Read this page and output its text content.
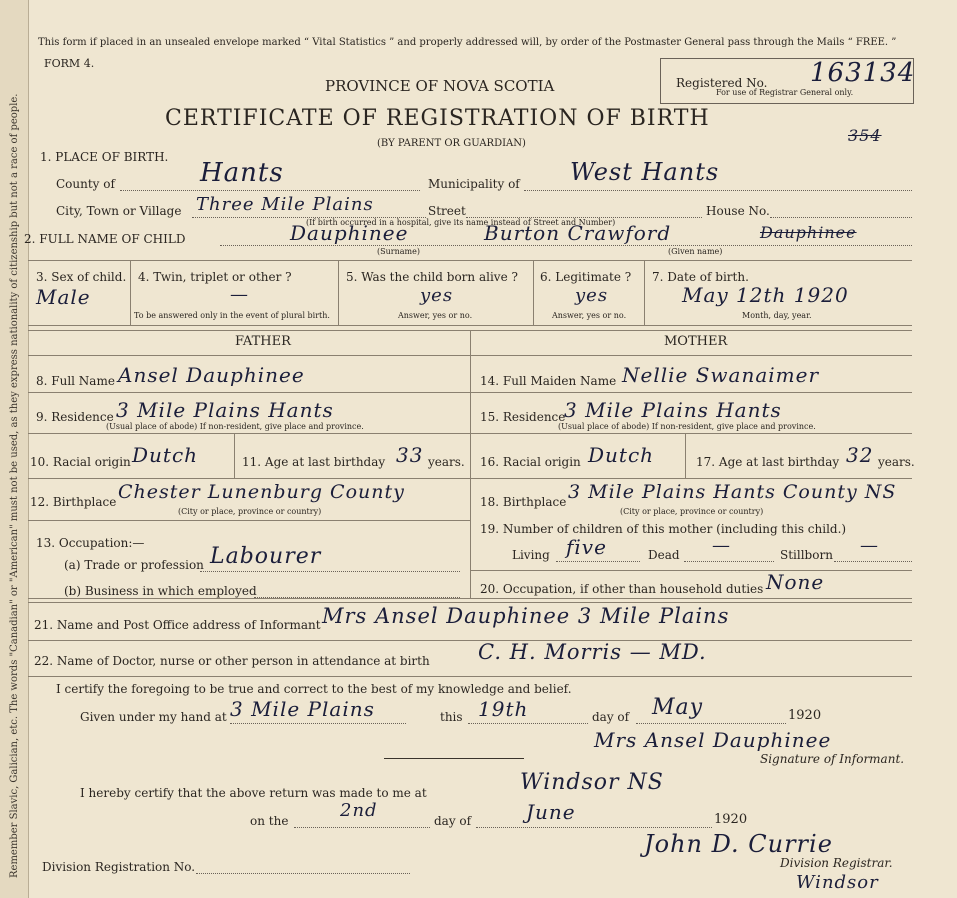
Remember Slavic, Galician, etc. The words "Canadian" or "American" must not be used, as they express nationality of citizenship but not a race of people.
This form if placed in an unsealed envelope marked “ Vital Statistics ” and properly addressed will, by order of the Postmaster General pass through the Mails “ FREE. ”
FORM 4.
PROVINCE OF NOVA SCOTIA
CERTIFICATE OF REGISTRATION OF BIRTH
(BY PARENT OR GUARDIAN)
Registered No. 163134
For use of Registrar General only.
354
1. PLACE OF BIRTH.
County of	Hants	Municipality of West Hants
City, Town or Village Three Mile Plains	Street	House No.
(If birth occurred in a hospital, give its name instead of Street and Number)
2. FULL NAME OF CHILD	Dauphinee	Burton Crawford	Dauphinee
(Surname)	(Given name)
3. Sex of child.
Male
4. Twin, triplet or other ?
—
To be answered only in the event of plural birth.
5. Was the child born alive ?
yes
Answer, yes or no.
6. Legitimate ?
yes
Answer, yes or no.
7. Date of birth.
May 12th 1920
Month, day, year.
FATHER
8. Full Name Ansel Dauphinee
9. Residence 3 Mile Plains Hants
(Usual place of abode) If non-resident, give place and province.
10. Racial origin Dutch	11. Age at last birthday 33 years.
12. Birthplace Chester Lunenburg County
(City or place, province or country)
13. Occupation:—
(a) Trade or profession Labourer
(b) Business in which employed
MOTHER
14. Full Maiden Name Nellie Swanaimer
15. Residence
3 Mile Plains Hants
(Usual place of abode) If non-resident, give place and province.
16. Racial origin Dutch	17. Age at last birthday 32 years.
18. Birthplace 3 Mile Plains Hants County NS
(City or place, province or country)
19. Number of children of this mother (including this child.)
Living five	Dead —	Stillborn —
20. Occupation, if other than household duties None
21. Name and Post Office address of Informant Mrs Ansel Dauphinee 3 Mile Plains
22. Name of Doctor, nurse or other person in attendance at birth C. H. Morris — MD.
I certify the foregoing to be true and correct to the best of my knowledge and belief.
Given under my hand at 3 Mile Plains	this 19th	day of May	1920
Mrs Ansel Dauphinee
Signature of Informant.
I hereby certify that the above return was made to me at	Windsor NS
on the	2nd	day of	June	1920
Division Registration No.
John D. Currie
Division Registrar.
Windsor
